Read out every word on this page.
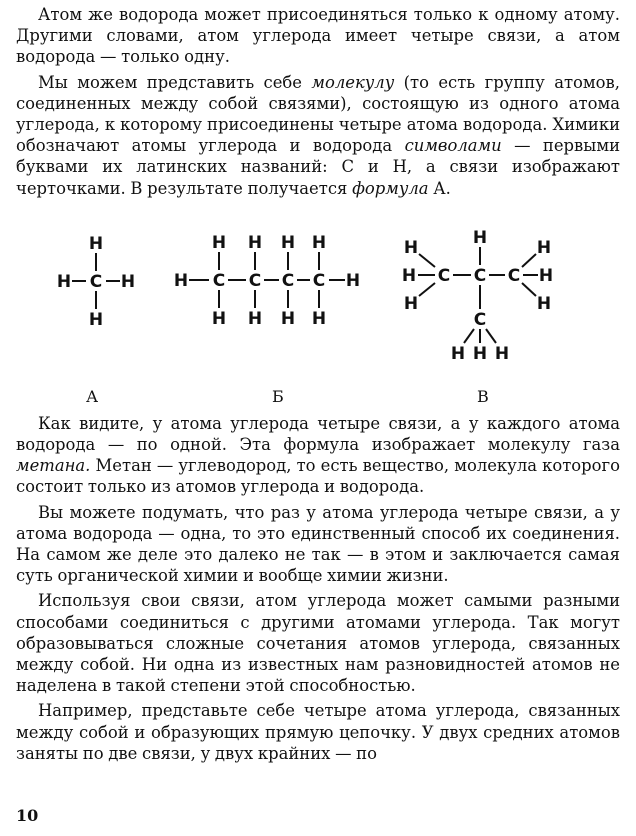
Атом же водорода может присоединяться только к одному атому. Другими словами, атом углерода имеет четыре связи, а атом водорода — только одну.

Мы можем представить себе молекулу (то есть группу атомов, соединенных между собой связями), состоящую из одного атома углерода, к которому присоединены четыре атома водорода. Химики обозначают атомы углерода и водорода символами — первыми буквами их латинских названий: С и Н, а связи изображают черточками. В результате получается формула А.

С
Н
Н
Н	Н Н С
Н
Н
С
Н
Н
С
Н
Н
С
Н
Н
Н	С С С
С
Н
Н
Н
Н
Н
Н
Н
Н Н Н
А	Б	В

Как видите, у атома углерода четыре связи, а у каждого атома водорода — по одной. Эта формула изображает молекулу газа метана. Метан — углеводород, то есть вещество, молекула которого состоит только из атомов углерода и водорода.

Вы можете подумать, что раз у атома углерода четыре связи, а у атома водорода — одна, то это единственный способ их соединения. На самом же деле это далеко не так — в этом и заключается самая суть органической химии и вообще химии жизни.

Используя свои связи, атом углерода может самыми разными способами соединиться с другими атомами углерода. Так могут образовываться сложные сочетания атомов углерода, связанных между собой. Ни одна из известных нам разновидностей атомов не наделена в такой степени этой способностью.

Например, представьте себе четыре атома углерода, связанных между собой и образующих прямую цепочку. У двух средних атомов заняты по две связи, у двух крайних — по

10
